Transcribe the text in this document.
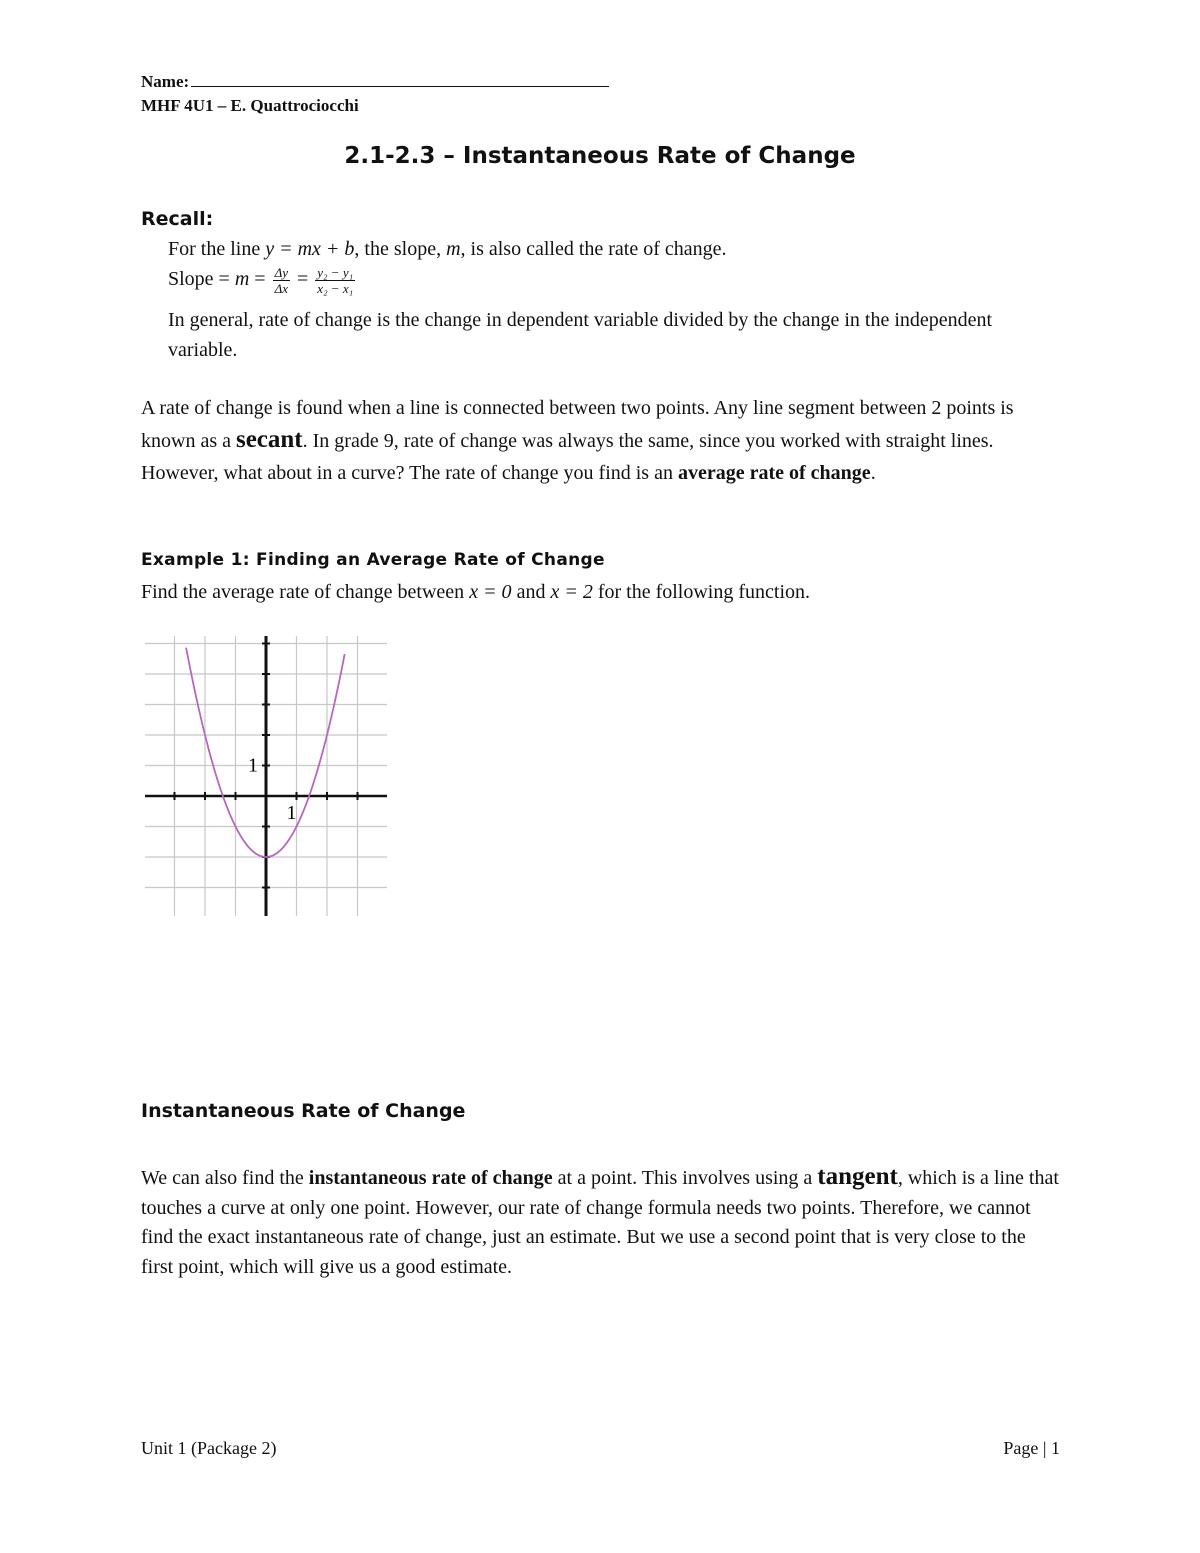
Name:
MHF 4U1 – E. Quattrociocchi
2.1-2.3 – Instantaneous Rate of Change
Recall:
For the line y = mx + b, the slope, m, is also called the rate of change.
Slope = $m = \frac{\Delta y}{\Delta x} = \frac{\text{y₂ − y₁}}{\text{x₂ − x₁}}$
In general, rate of change is the change in dependent variable divided by the change in the independent variable.
A rate of change is found when a line is connected between two points. Any line segment between 2 points is known as a secant. In grade 9, rate of change was always the same, since you worked with straight lines. However, what about in a curve? The rate of change you find is an average rate of change.
Example 1: Finding an Average Rate of Change
Find the average rate of change between x = 0 and x = 2 for the following function.
1
1
Instantaneous Rate of Change
We can also find the instantaneous rate of change at a point. This involves using a tangent, which is a line that touches a curve at only one point. However, our rate of change formula needs two points. Therefore, we cannot find the exact instantaneous rate of change, just an estimate. But we use a second point that is very close to the first point, which will give us a good estimate.
Unit 1 (Package 2)	Page | 1
